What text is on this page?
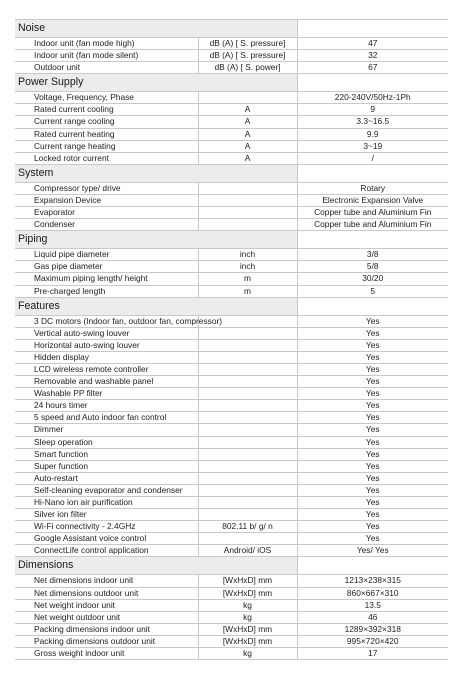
Noise		
Indoor unit (fan mode high)	dB (A) [ S. pressure]	47
Indoor unit (fan mode silent)	dB (A) [ S. pressure]	32
Outdoor unit	dB (A) [ S. power]	67
Power Supply		
Voltage, Frequency, Phase		220-240V/50Hz-1Ph
Rated current cooling	A	9
Current range cooling	A	3.3~16.5
Rated current heating	A	9.9
Current range heating	A	3~19
Locked rotor current	A	/
System		
Compressor type/ drive		Rotary
Expansion Device		Electronic Expansion Valve
Evaporator		Copper tube and Aluminium Fin
Condenser		Copper tube and Aluminium Fin
Piping		
Liquid pipe diameter	inch	3/8
Gas pipe diameter	inch	5/8
Maximum piping length/ height	m	30/20
Pre-charged length	m	5
Features		
3 DC motors (Indoor fan, outdoor fan, compressor)		Yes
Vertical auto-swing louver		Yes
Horizontal auto-swing louver		Yes
Hidden display		Yes
LCD wireless remote controller		Yes
Removable and washable panel		Yes
Washable PP filter		Yes
24 hours timer		Yes
5 speed and Auto indoor fan control		Yes
Dimmer		Yes
Sleep operation		Yes
Smart function		Yes
Super function		Yes
Auto-restart		Yes
Self-cleaning evaporator and condenser		Yes
Hi-Nano ion air purification		Yes
Silver ion filter		Yes
Wi-Fi connectivity - 2.4GHz	802.11 b/ g/ n	Yes
Google Assistant voice control		Yes
ConnectLife control application	Android/ iOS	Yes/ Yes
Dimensions		
Net dimensions indoor unit	[WxHxD] mm	1213×238×315
Net dimensions outdoor unit	[WxHxD] mm	860×667×310
Net weight indoor unit	kg	13.5
Net weight outdoor unit	kg	46
Packing dimensions indoor unit	[WxHxD] mm	1289×392×318
Packing dimensions outdoor unit	[WxHxD] mm	995×720×420
Gross weight indoor unit	kg	17
